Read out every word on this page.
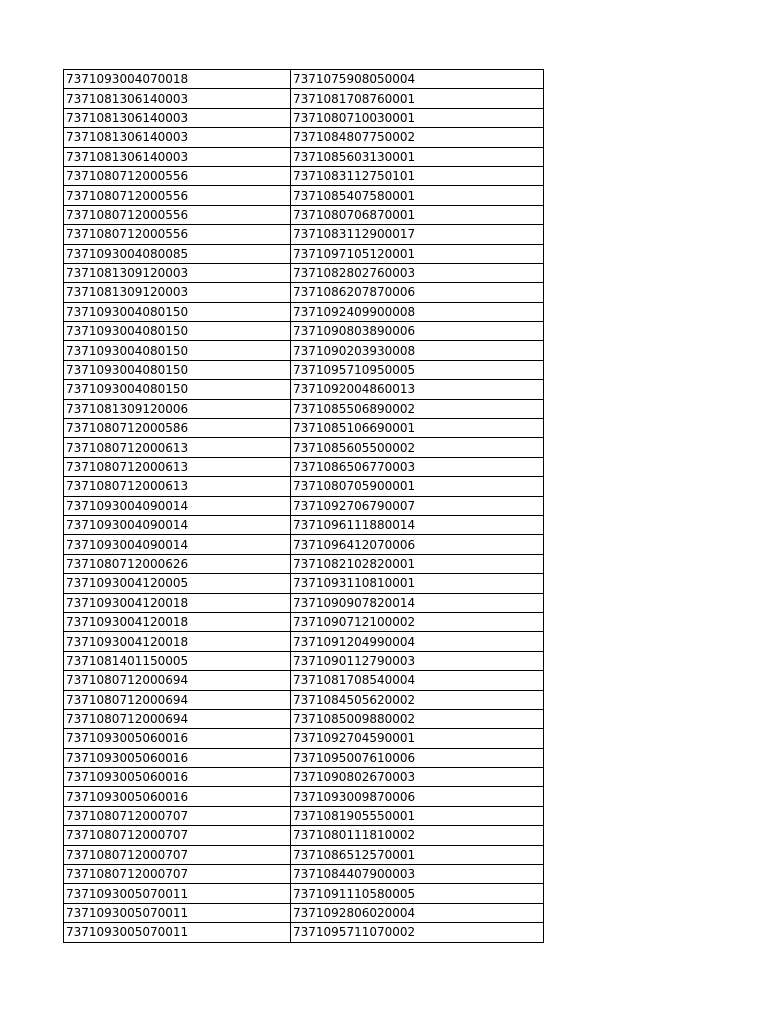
7371093004070018	7371075908050004
7371081306140003	7371081708760001
7371081306140003	7371080710030001
7371081306140003	7371084807750002
7371081306140003	7371085603130001
7371080712000556	7371083112750101
7371080712000556	7371085407580001
7371080712000556	7371080706870001
7371080712000556	7371083112900017
7371093004080085	7371097105120001
7371081309120003	7371082802760003
7371081309120003	7371086207870006
7371093004080150	7371092409900008
7371093004080150	7371090803890006
7371093004080150	7371090203930008
7371093004080150	7371095710950005
7371093004080150	7371092004860013
7371081309120006	7371085506890002
7371080712000586	7371085106690001
7371080712000613	7371085605500002
7371080712000613	7371086506770003
7371080712000613	7371080705900001
7371093004090014	7371092706790007
7371093004090014	7371096111880014
7371093004090014	7371096412070006
7371080712000626	7371082102820001
7371093004120005	7371093110810001
7371093004120018	7371090907820014
7371093004120018	7371090712100002
7371093004120018	7371091204990004
7371081401150005	7371090112790003
7371080712000694	7371081708540004
7371080712000694	7371084505620002
7371080712000694	7371085009880002
7371093005060016	7371092704590001
7371093005060016	7371095007610006
7371093005060016	7371090802670003
7371093005060016	7371093009870006
7371080712000707	7371081905550001
7371080712000707	7371080111810002
7371080712000707	7371086512570001
7371080712000707	7371084407900003
7371093005070011	7371091110580005
7371093005070011	7371092806020004
7371093005070011	7371095711070002
